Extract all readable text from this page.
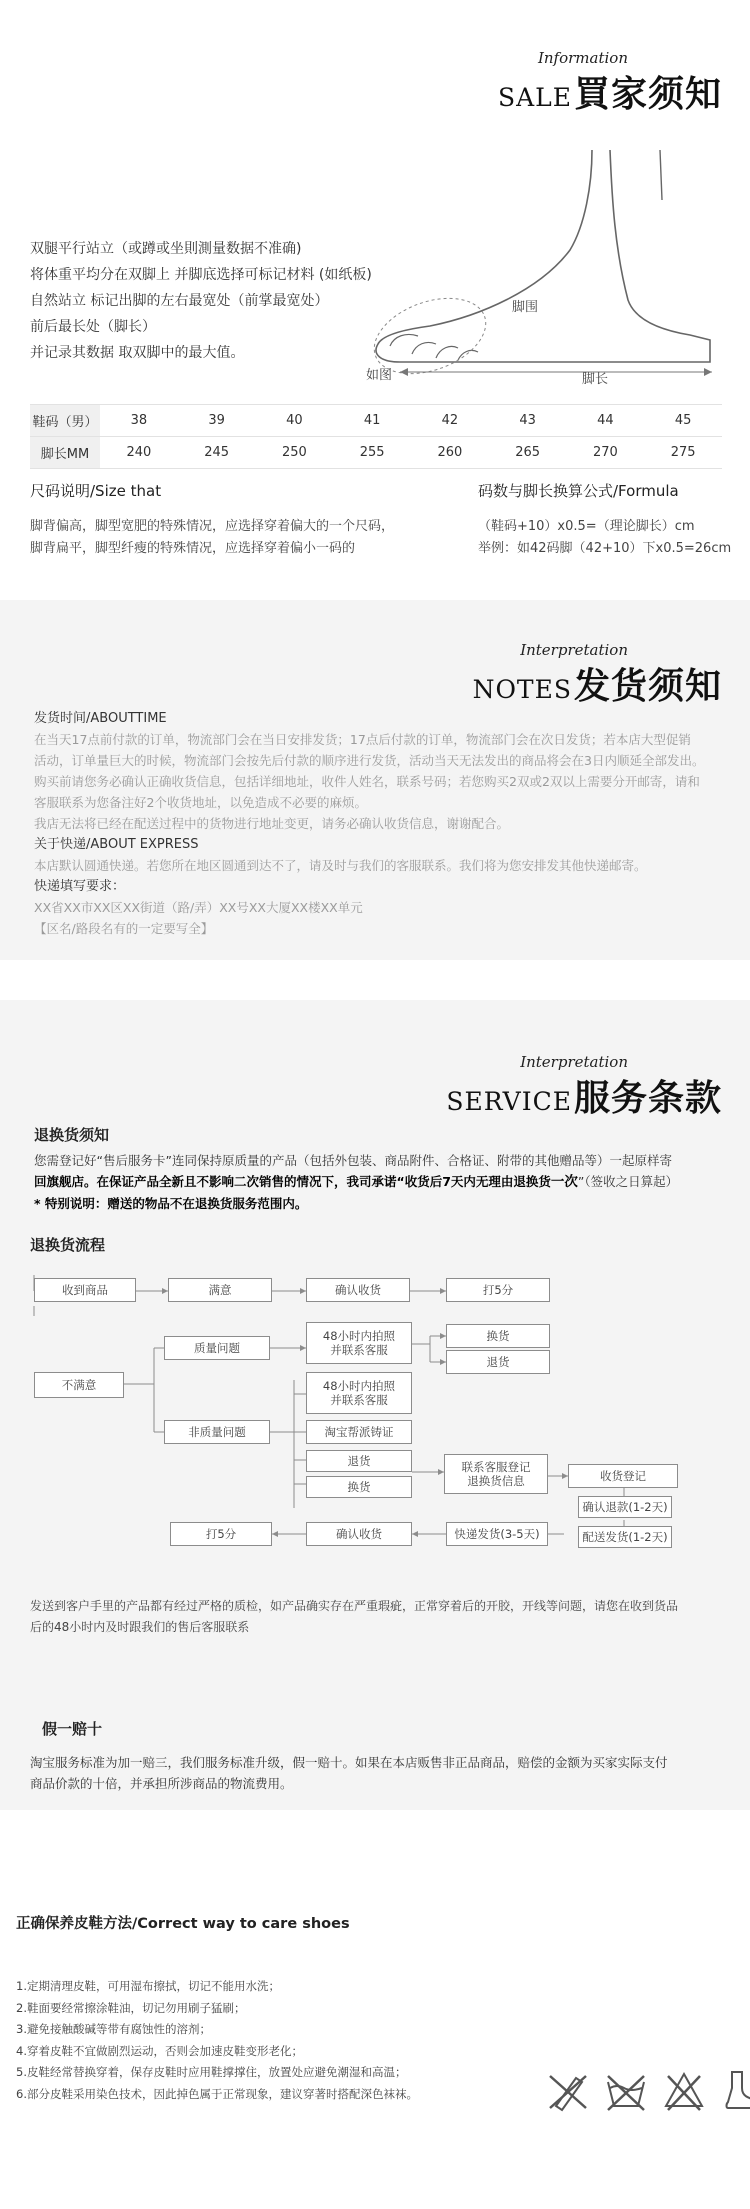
Information
SALE 買家须知
双腿平行站立（或蹲或坐則測量数据不准确)
将体重平均分在双脚上 并脚底选择可标记材料 (如纸板)
自然站立 标记出脚的左右最宽处（前掌最宽处）
前后最长处（脚长）
并记录其数据 取双脚中的最大值。
脚围
如图	脚长
鞋码（男）	38	39	40	41	42	43	44	45
脚长MM	240	245	250	255	260	265	270	275
尺码说明/Size that
脚背偏高，脚型宽肥的特殊情况，应选择穿着偏大的一个尺码，
脚背扁平，脚型纤瘦的特殊情况，应选择穿着偏小一码的
码数与脚长换算公式/Formula
（鞋码+10）x0.5=（理论脚长）cm
举例：如42码脚（42+10）下x0.5=26cm
Interpretation
NOTES 发货须知

发货时间/ABOUTTIME

在当天17点前付款的订单，物流部门会在当日安排发货；17点后付款的订单，物流部门会在次日发货；若本店大型促销

活动，订单量巨大的时候，物流部门会按先后付款的顺序进行发货，活动当天无法发出的商品将会在3日内顺延全部发出。

购买前请您务必确认正确收货信息，包括详细地址，收件人姓名，联系号码；若您购买2双或2双以上需要分开邮寄，请和

客服联系为您备注好2个收货地址，以免造成不必要的麻烦。

我店无法将已经在配送过程中的货物进行地址变更，请务必确认收货信息，谢谢配合。

关于快递/ABOUT EXPRESS

本店默认圆通快递。若您所在地区圆通到达不了，请及时与我们的客服联系。我们将为您安排发其他快递邮寄。

快递填写要求：

XX省XX市XX区XX街道（路/弄）XX号XX大厦XX楼XX单元

【区名/路段名有的一定要写全】

Interpretation
SERVICE 服务条款
退换货须知
您需登记好“售后服务卡”连同保持原质量的产品（包括外包装、商品附件、合格证、附带的其他赠品等）一起原样寄
回旗舰店。在保证产品全新且不影响二次销售的情况下，我司承诺“收货后7天内无理由退换货一次”（签收之日算起）
* 特别说明：赠送的物品不在退换货服务范围内。
退换货流程
收到商品	满意	确认收货	打5分
不满意
质量问题
非质量问题
48小时内拍照
并联系客服
换货
退货
48小时内拍照
并联系客服
淘宝帮派铸证
退货
换货
联系客服登记
退换货信息	收货登记
确认退款(1-2天)
配送发货(1-2天)
快递发货(3-5天)
确认收货
打5分
发送到客户手里的产品都有经过严格的质检，如产品确实存在严重瑕疵，正常穿着后的开胶，开线等问题，请您在收到货品
后的48小时内及时跟我们的售后客服联系
假一赔十
淘宝服务标准为加一赔三，我们服务标准升级，假一赔十。如果在本店贩售非正品商品，赔偿的金额为买家实际支付
商品价款的十倍，并承担所涉商品的物流费用。
正确保养皮鞋方法/Correct way to care shoes

1.定期清理皮鞋，可用湿布擦拭，切记不能用水洗；

2.鞋面要经常擦涂鞋油，切记勿用刷子猛刷；

3.避免接触酸碱等带有腐蚀性的溶剂；

4.穿着皮鞋不宜做剧烈运动，否则会加速皮鞋变形老化；

5.皮鞋经常替换穿着，保存皮鞋时应用鞋撑撑住，放置处应避免潮湿和高温；

6.部分皮鞋采用染色技术，因此掉色属于正常现象，建议穿著时搭配深色袜袜。
